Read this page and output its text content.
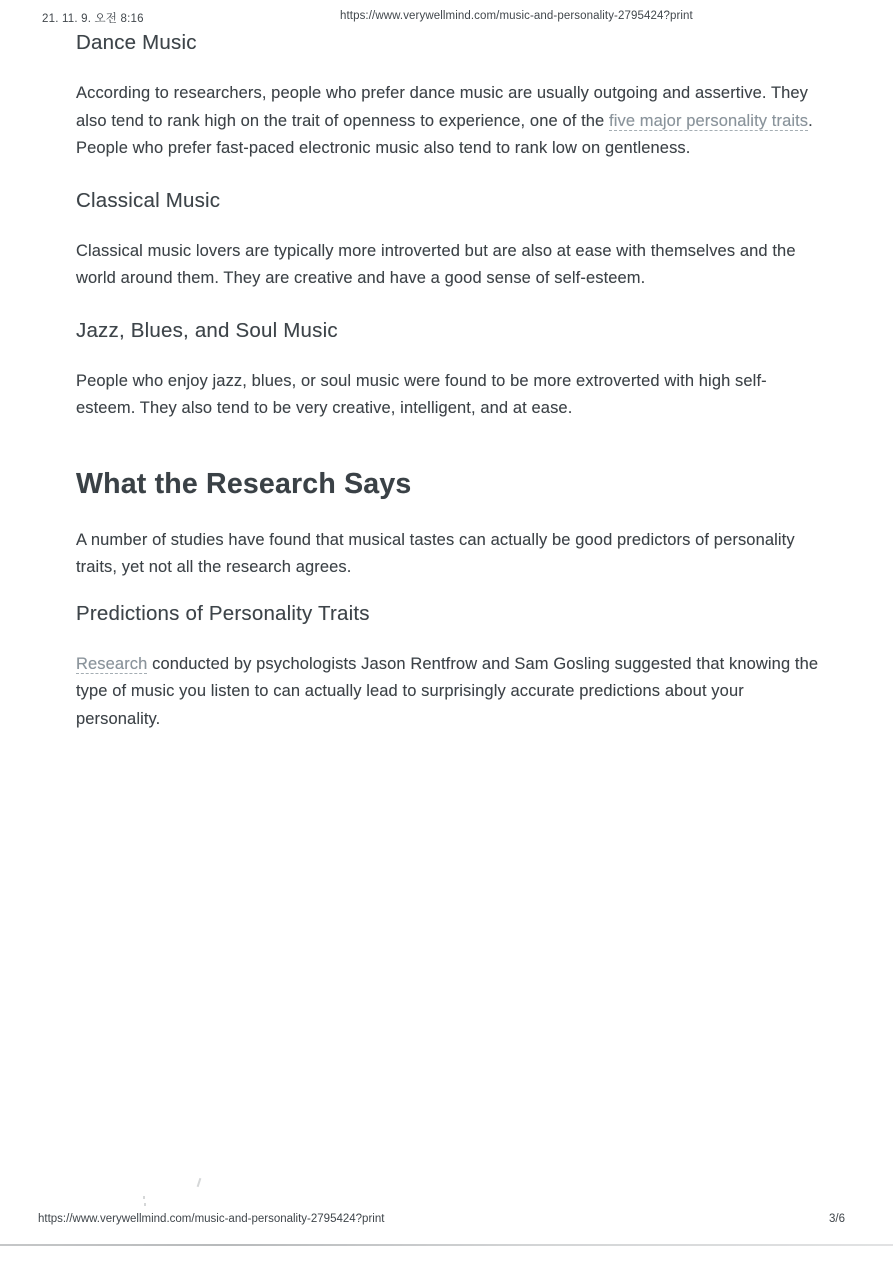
21. 11. 9. 오전 8:16	https://www.verywellmind.com/music-and-personality-2795424?print
Dance Music

According to researchers, people who prefer dance music are usually outgoing and assertive. They also tend to rank high on the trait of openness to experience, one of the five major personality traits. People who prefer fast-paced electronic music also tend to rank low on gentleness.

Classical Music

Classical music lovers are typically more introverted but are also at ease with themselves and the world around them. They are creative and have a good sense of self-esteem.

Jazz, Blues, and Soul Music

People who enjoy jazz, blues, or soul music were found to be more extroverted with high self-esteem. They also tend to be very creative, intelligent, and at ease.

What the Research Says

A number of studies have found that musical tastes can actually be good predictors of personality traits, yet not all the research agrees.

Predictions of Personality Traits

Research conducted by psychologists Jason Rentfrow and Sam Gosling suggested that knowing the type of music you listen to can actually lead to surprisingly accurate predictions about your personality.

https://www.verywellmind.com/music-and-personality-2795424?print	3/6
